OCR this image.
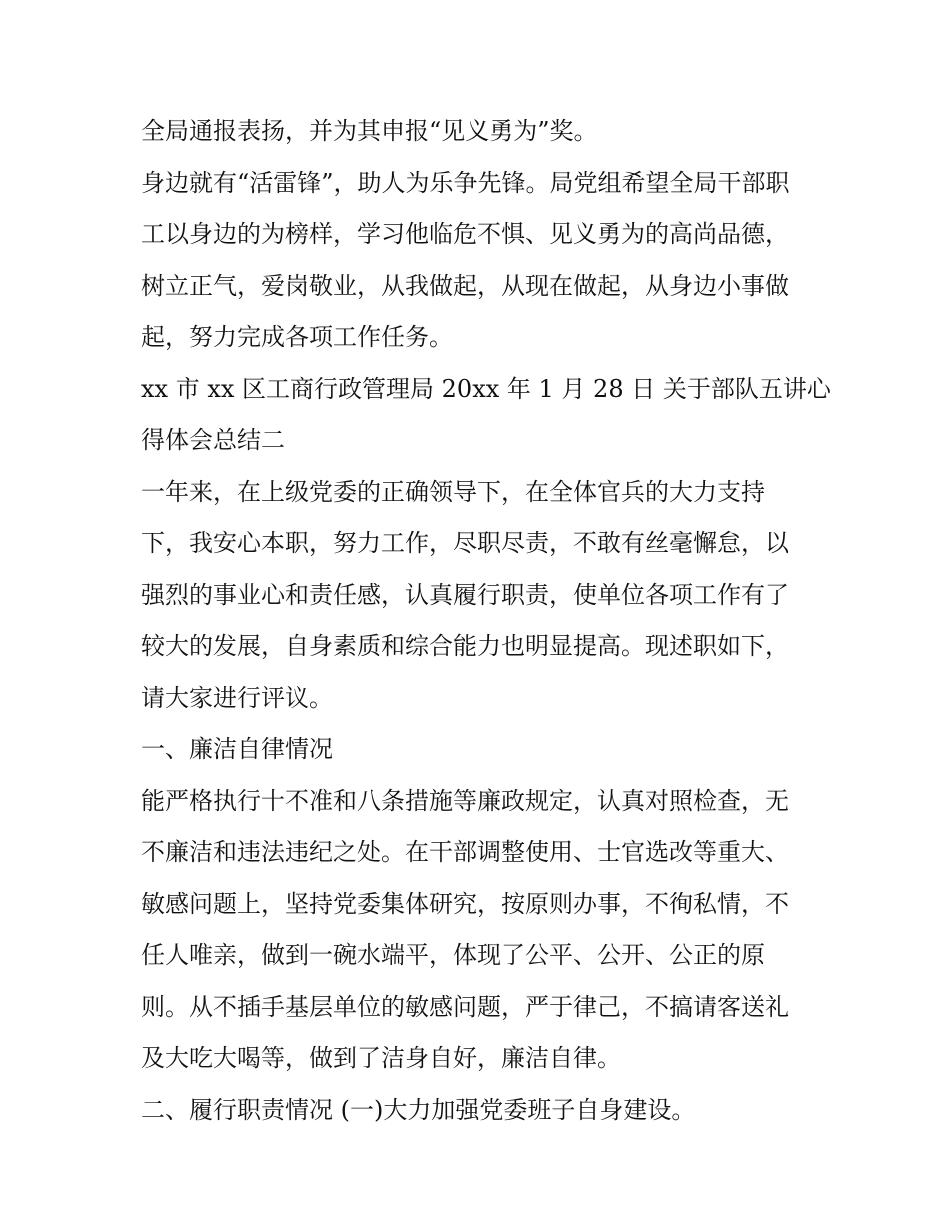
全局通报表扬，并为其申报“见义勇为”奖。
身边就有“活雷锋”，助人为乐争先锋。局党组希望全局干部职
工以身边的为榜样，学习他临危不惧、见义勇为的高尚品德，
树立正气，爱岗敬业，从我做起，从现在做起，从身边小事做
起，努力完成各项工作任务。
xx 市 xx 区工商行政管理局 20xx 年 1 月 28 日 关于部队五讲心
得体会总结二
一年来，在上级党委的正确领导下，在全体官兵的大力支持
下，我安心本职，努力工作，尽职尽责，不敢有丝毫懈怠，以
强烈的事业心和责任感，认真履行职责，使单位各项工作有了
较大的发展，自身素质和综合能力也明显提高。现述职如下，
请大家进行评议。
一、廉洁自律情况
能严格执行十不准和八条措施等廉政规定，认真对照检查，无
不廉洁和违法违纪之处。在干部调整使用、士官选改等重大、
敏感问题上，坚持党委集体研究，按原则办事，不徇私情，不
任人唯亲，做到一碗水端平，体现了公平、公开、公正的原
则。从不插手基层单位的敏感问题，严于律己，不搞请客送礼
及大吃大喝等，做到了洁身自好，廉洁自律。
二、履行职责情况 (一)大力加强党委班子自身建设。
